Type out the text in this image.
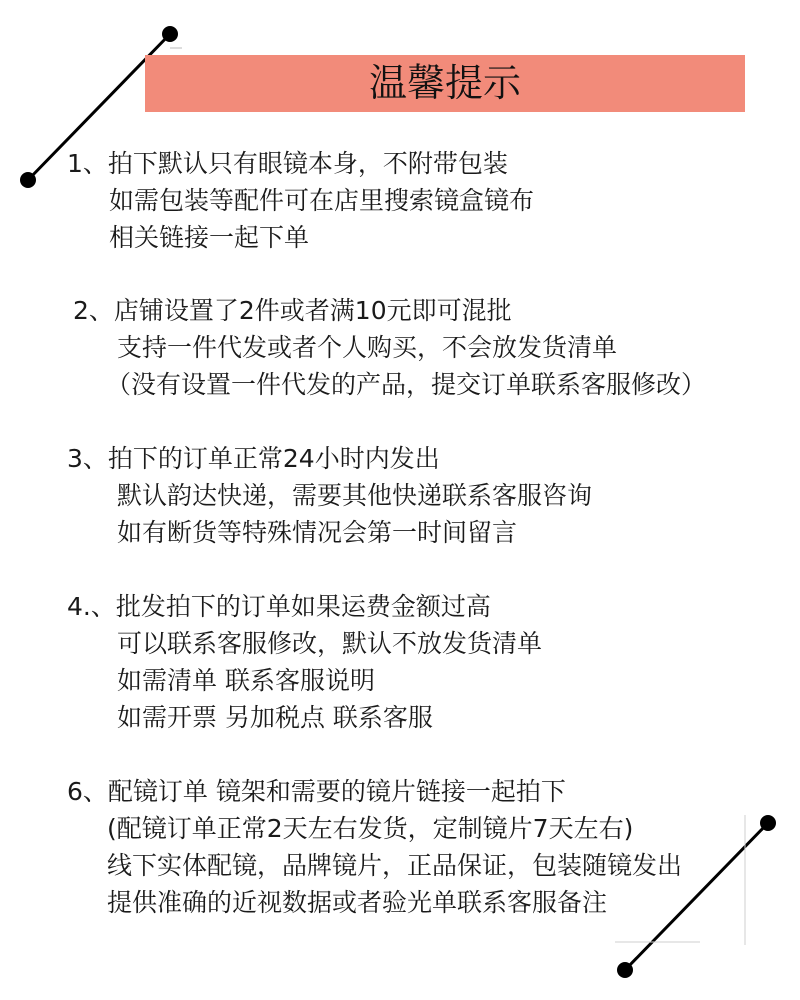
温馨提示
1、拍下默认只有眼镜本身，不附带包装
如需包装等配件可在店里搜索镜盒镜布
相关链接一起下单
2、店铺设置了2件或者满10元即可混批
支持一件代发或者个人购买，不会放发货清单
（没有设置一件代发的产品，提交订单联系客服修改）
3、拍下的订单正常24小时内发出
默认韵达快递，需要其他快递联系客服咨询
如有断货等特殊情况会第一时间留言
4.、批发拍下的订单如果运费金额过高
可以联系客服修改，默认不放发货清单
如需清单 联系客服说明
如需开票 另加税点 联系客服
6、配镜订单 镜架和需要的镜片链接一起拍下
(配镜订单正常2天左右发货，定制镜片7天左右)
线下实体配镜，品牌镜片，正品保证，包装随镜发出
提供准确的近视数据或者验光单联系客服备注
